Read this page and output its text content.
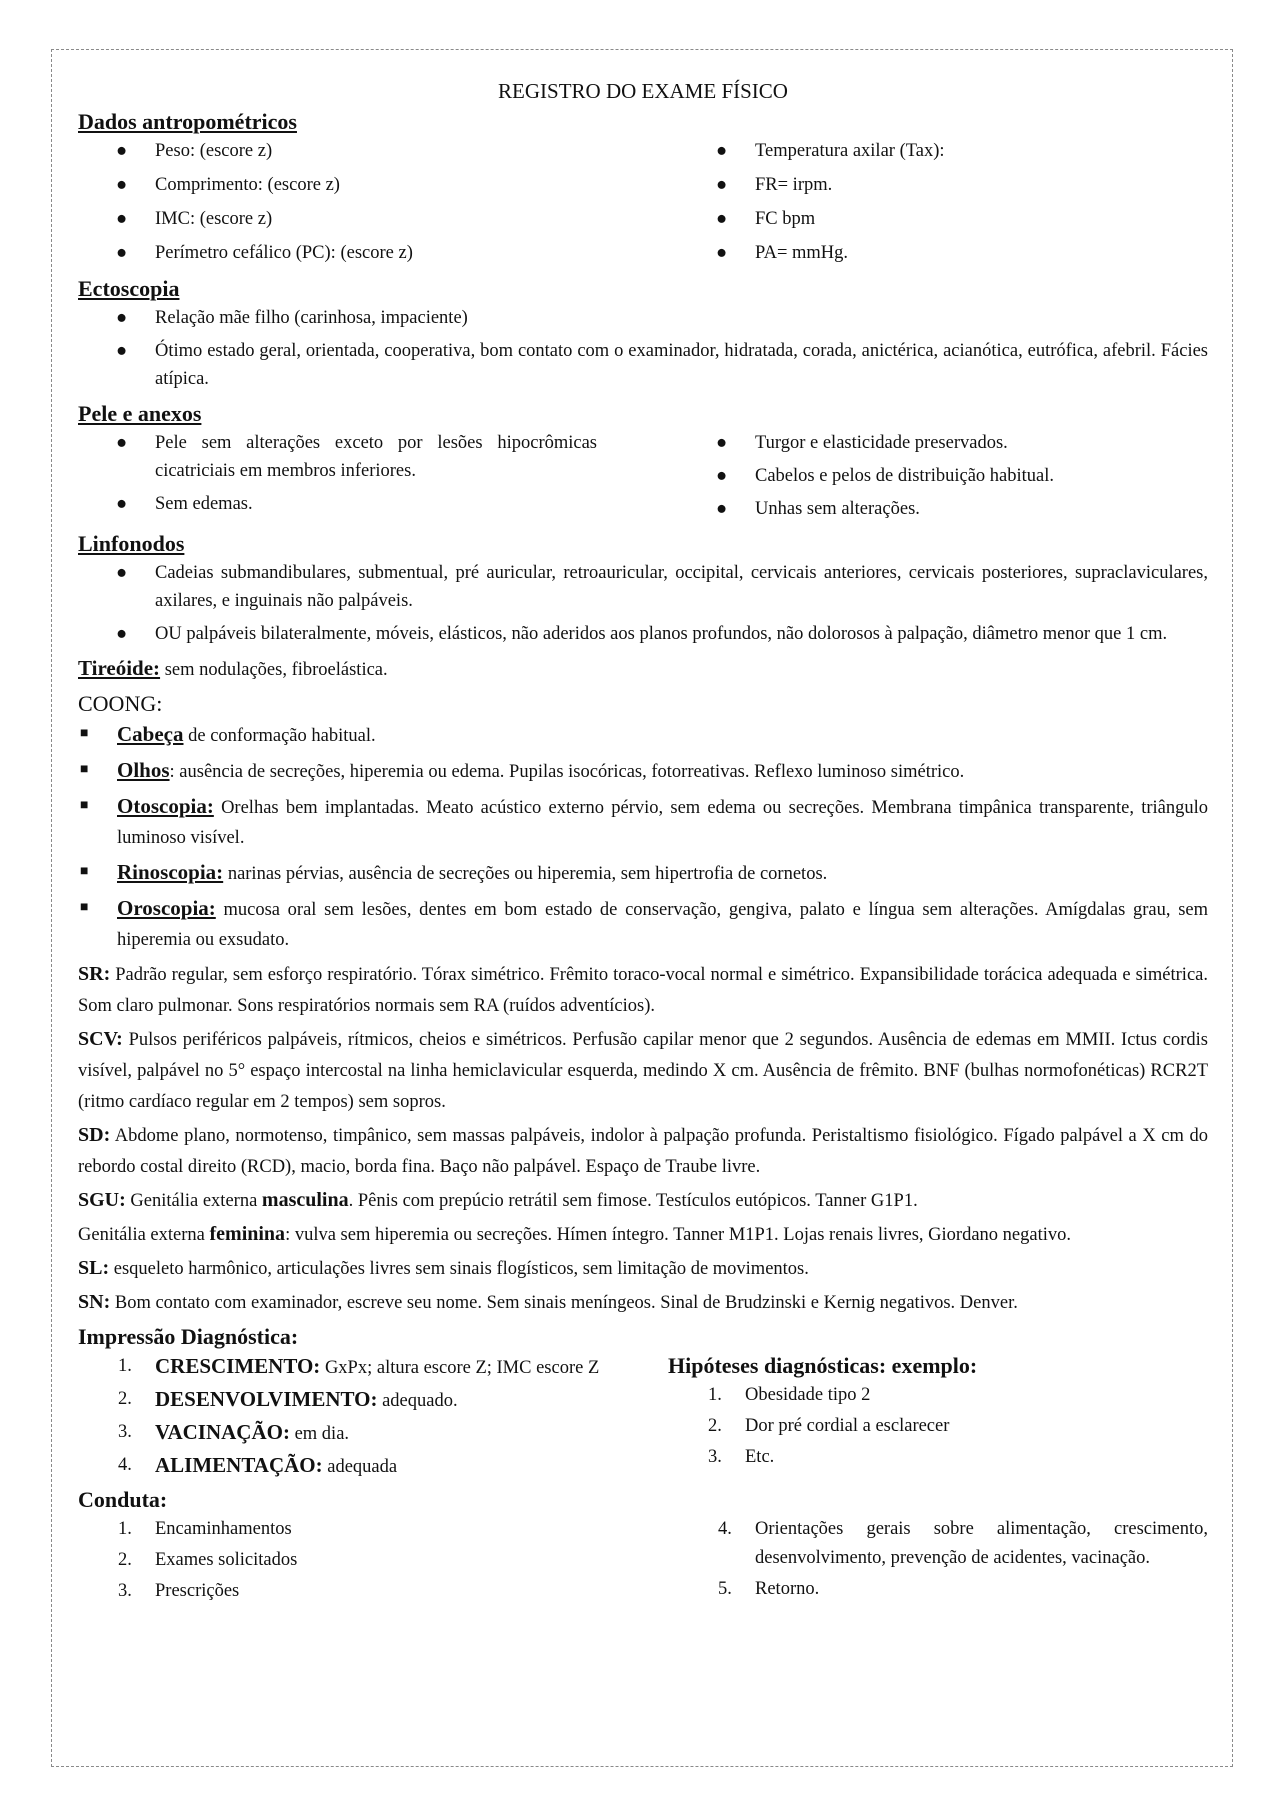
REGISTRO DO EXAME FÍSICO
Dados antropométricos
● Peso: (escore z)
● Comprimento: (escore z)
● IMC: (escore z)
● Perímetro cefálico (PC): (escore z)
● Temperatura axilar (Tax):
● FR= irpm.
● FC bpm
● PA= mmHg.
Ectoscopia
● Relação mãe filho (carinhosa, impaciente)
● Ótimo estado geral, orientada, cooperativa, bom contato com o examinador, hidratada, corada, anictérica, acianótica, eutrófica, afebril. Fácies atípica.
Pele e anexos
● Pele sem alterações exceto por lesões hipocrômicas cicatriciais em membros inferiores.
● Sem edemas.
● Turgor e elasticidade preservados.
● Cabelos e pelos de distribuição habitual.
● Unhas sem alterações.
Linfonodos
● Cadeias submandibulares, submentual, pré auricular, retroauricular, occipital, cervicais anteriores, cervicais posteriores, supraclaviculares, axilares, e inguinais não palpáveis.
● OU palpáveis bilateralmente, móveis, elásticos, não aderidos aos planos profundos, não dolorosos à palpação, diâmetro menor que 1 cm.
Tireóide: sem nodulações, fibroelástica.
COONG:
■ Cabeça de conformação habitual.
■ Olhos: ausência de secreções, hiperemia ou edema. Pupilas isocóricas, fotorreativas. Reflexo luminoso simétrico.
■ Otoscopia: Orelhas bem implantadas. Meato acústico externo pérvio, sem edema ou secreções. Membrana timpânica transparente, triângulo luminoso visível.
■ Rinoscopia: narinas pérvias, ausência de secreções ou hiperemia, sem hipertrofia de cornetos.
■ Oroscopia: mucosa oral sem lesões, dentes em bom estado de conservação, gengiva, palato e língua sem alterações. Amígdalas grau, sem hiperemia ou exsudato.

SR: Padrão regular, sem esforço respiratório. Tórax simétrico. Frêmito toraco-vocal normal e simétrico. Expansibilidade torácica adequada e simétrica. Som claro pulmonar. Sons respiratórios normais sem RA (ruídos adventícios).

SCV: Pulsos periféricos palpáveis, rítmicos, cheios e simétricos. Perfusão capilar menor que 2 segundos. Ausência de edemas em MMII. Ictus cordis visível, palpável no 5° espaço intercostal na linha hemiclavicular esquerda, medindo X cm. Ausência de frêmito. BNF (bulhas normofonéticas) RCR2T (ritmo cardíaco regular em 2 tempos) sem sopros.

SD: Abdome plano, normotenso, timpânico, sem massas palpáveis, indolor à palpação profunda. Peristaltismo fisiológico. Fígado palpável a X cm do rebordo costal direito (RCD), macio, borda fina. Baço não palpável. Espaço de Traube livre.

SGU: Genitália externa masculina. Pênis com prepúcio retrátil sem fimose. Testículos eutópicos. Tanner G1P1.

Genitália externa feminina: vulva sem hiperemia ou secreções. Hímen íntegro. Tanner M1P1. Lojas renais livres, Giordano negativo.

SL: esqueleto harmônico, articulações livres sem sinais flogísticos, sem limitação de movimentos.

SN: Bom contato com examinador, escreve seu nome. Sem sinais meníngeos. Sinal de Brudzinski e Kernig negativos. Denver.

Impressão Diagnóstica:
1. CRESCIMENTO: GxPx; altura escore Z; IMC escore Z
2. DESENVOLVIMENTO: adequado.
3. VACINAÇÃO: em dia.
4. ALIMENTAÇÃO: adequada
Hipóteses diagnósticas: exemplo:
1. Obesidade tipo 2
2. Dor pré cordial a esclarecer
3. Etc.
Conduta:
1. Encaminhamentos
2. Exames solicitados
3. Prescrições
4. Orientações gerais sobre alimentação, crescimento, desenvolvimento, prevenção de acidentes, vacinação.
5. Retorno.
